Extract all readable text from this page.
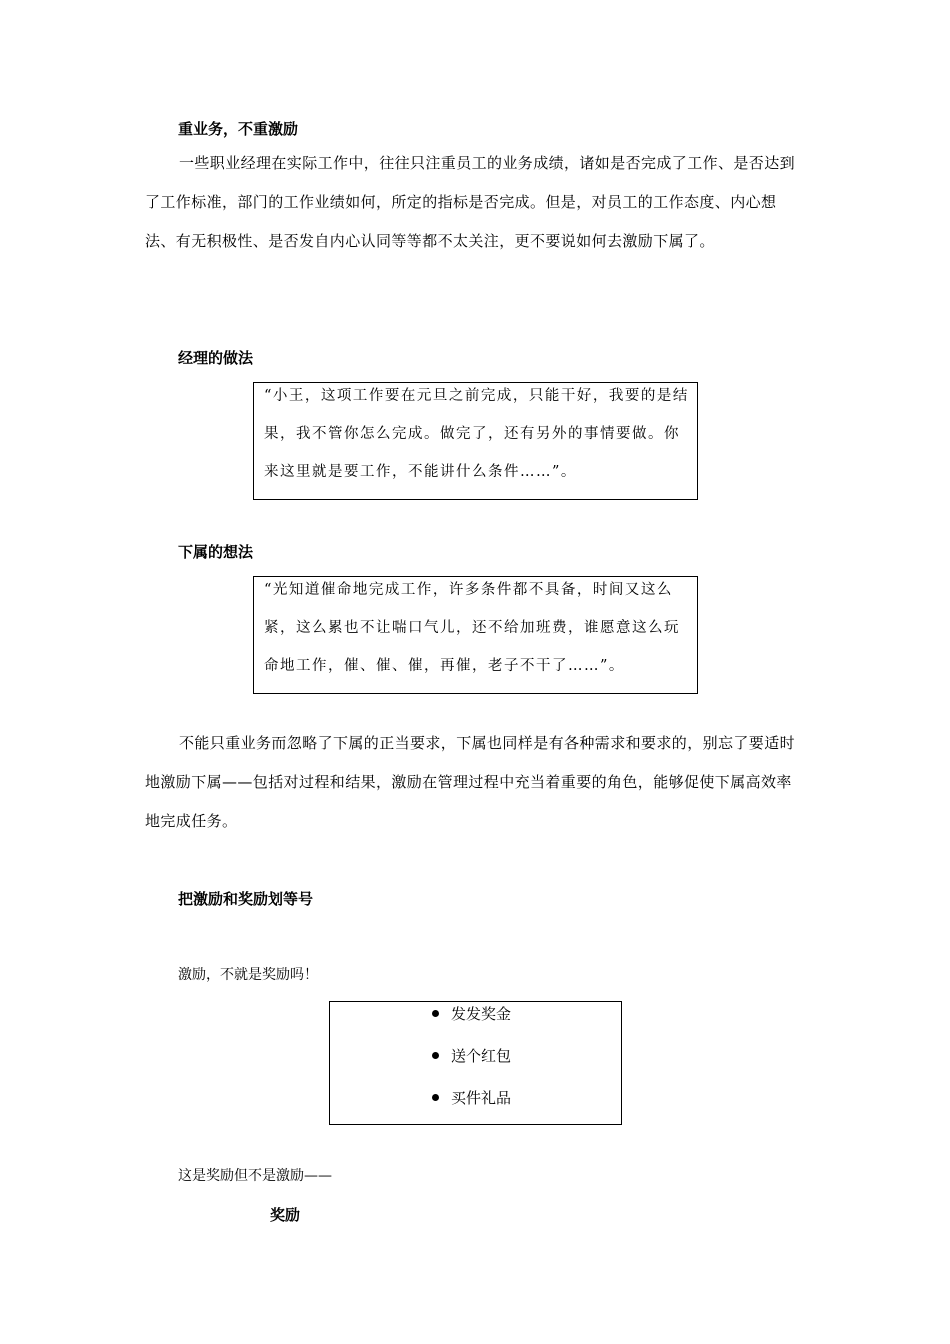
重业务，不重激励
一些职业经理在实际工作中，往往只注重员工的业务成绩，诸如是否完成了工作、是否达到了工作标准，部门的工作业绩如何，所定的指标是否完成。但是，对员工的工作态度、内心想法、有无积极性、是否发自内心认同等等都不太关注，更不要说如何去激励下属了。
经理的做法
“小王，这项工作要在元旦之前完成，只能干好，我要的是结果，我不管你怎么完成。做完了，还有另外的事情要做。你来这里就是要工作，不能讲什么条件……”。
下属的想法
“光知道催命地完成工作，许多条件都不具备，时间又这么紧，这么累也不让喘口气儿，还不给加班费，谁愿意这么玩命地工作，催、催、催，再催，老子不干了……”。
不能只重业务而忽略了下属的正当要求，下属也同样是有各种需求和要求的，别忘了要适时地激励下属——包括对过程和结果，激励在管理过程中充当着重要的角色，能够促使下属高效率地完成任务。
把激励和奖励划等号
激励，不就是奖励吗！
发发奖金
送个红包
买件礼品
这是奖励但不是激励——
奖励
